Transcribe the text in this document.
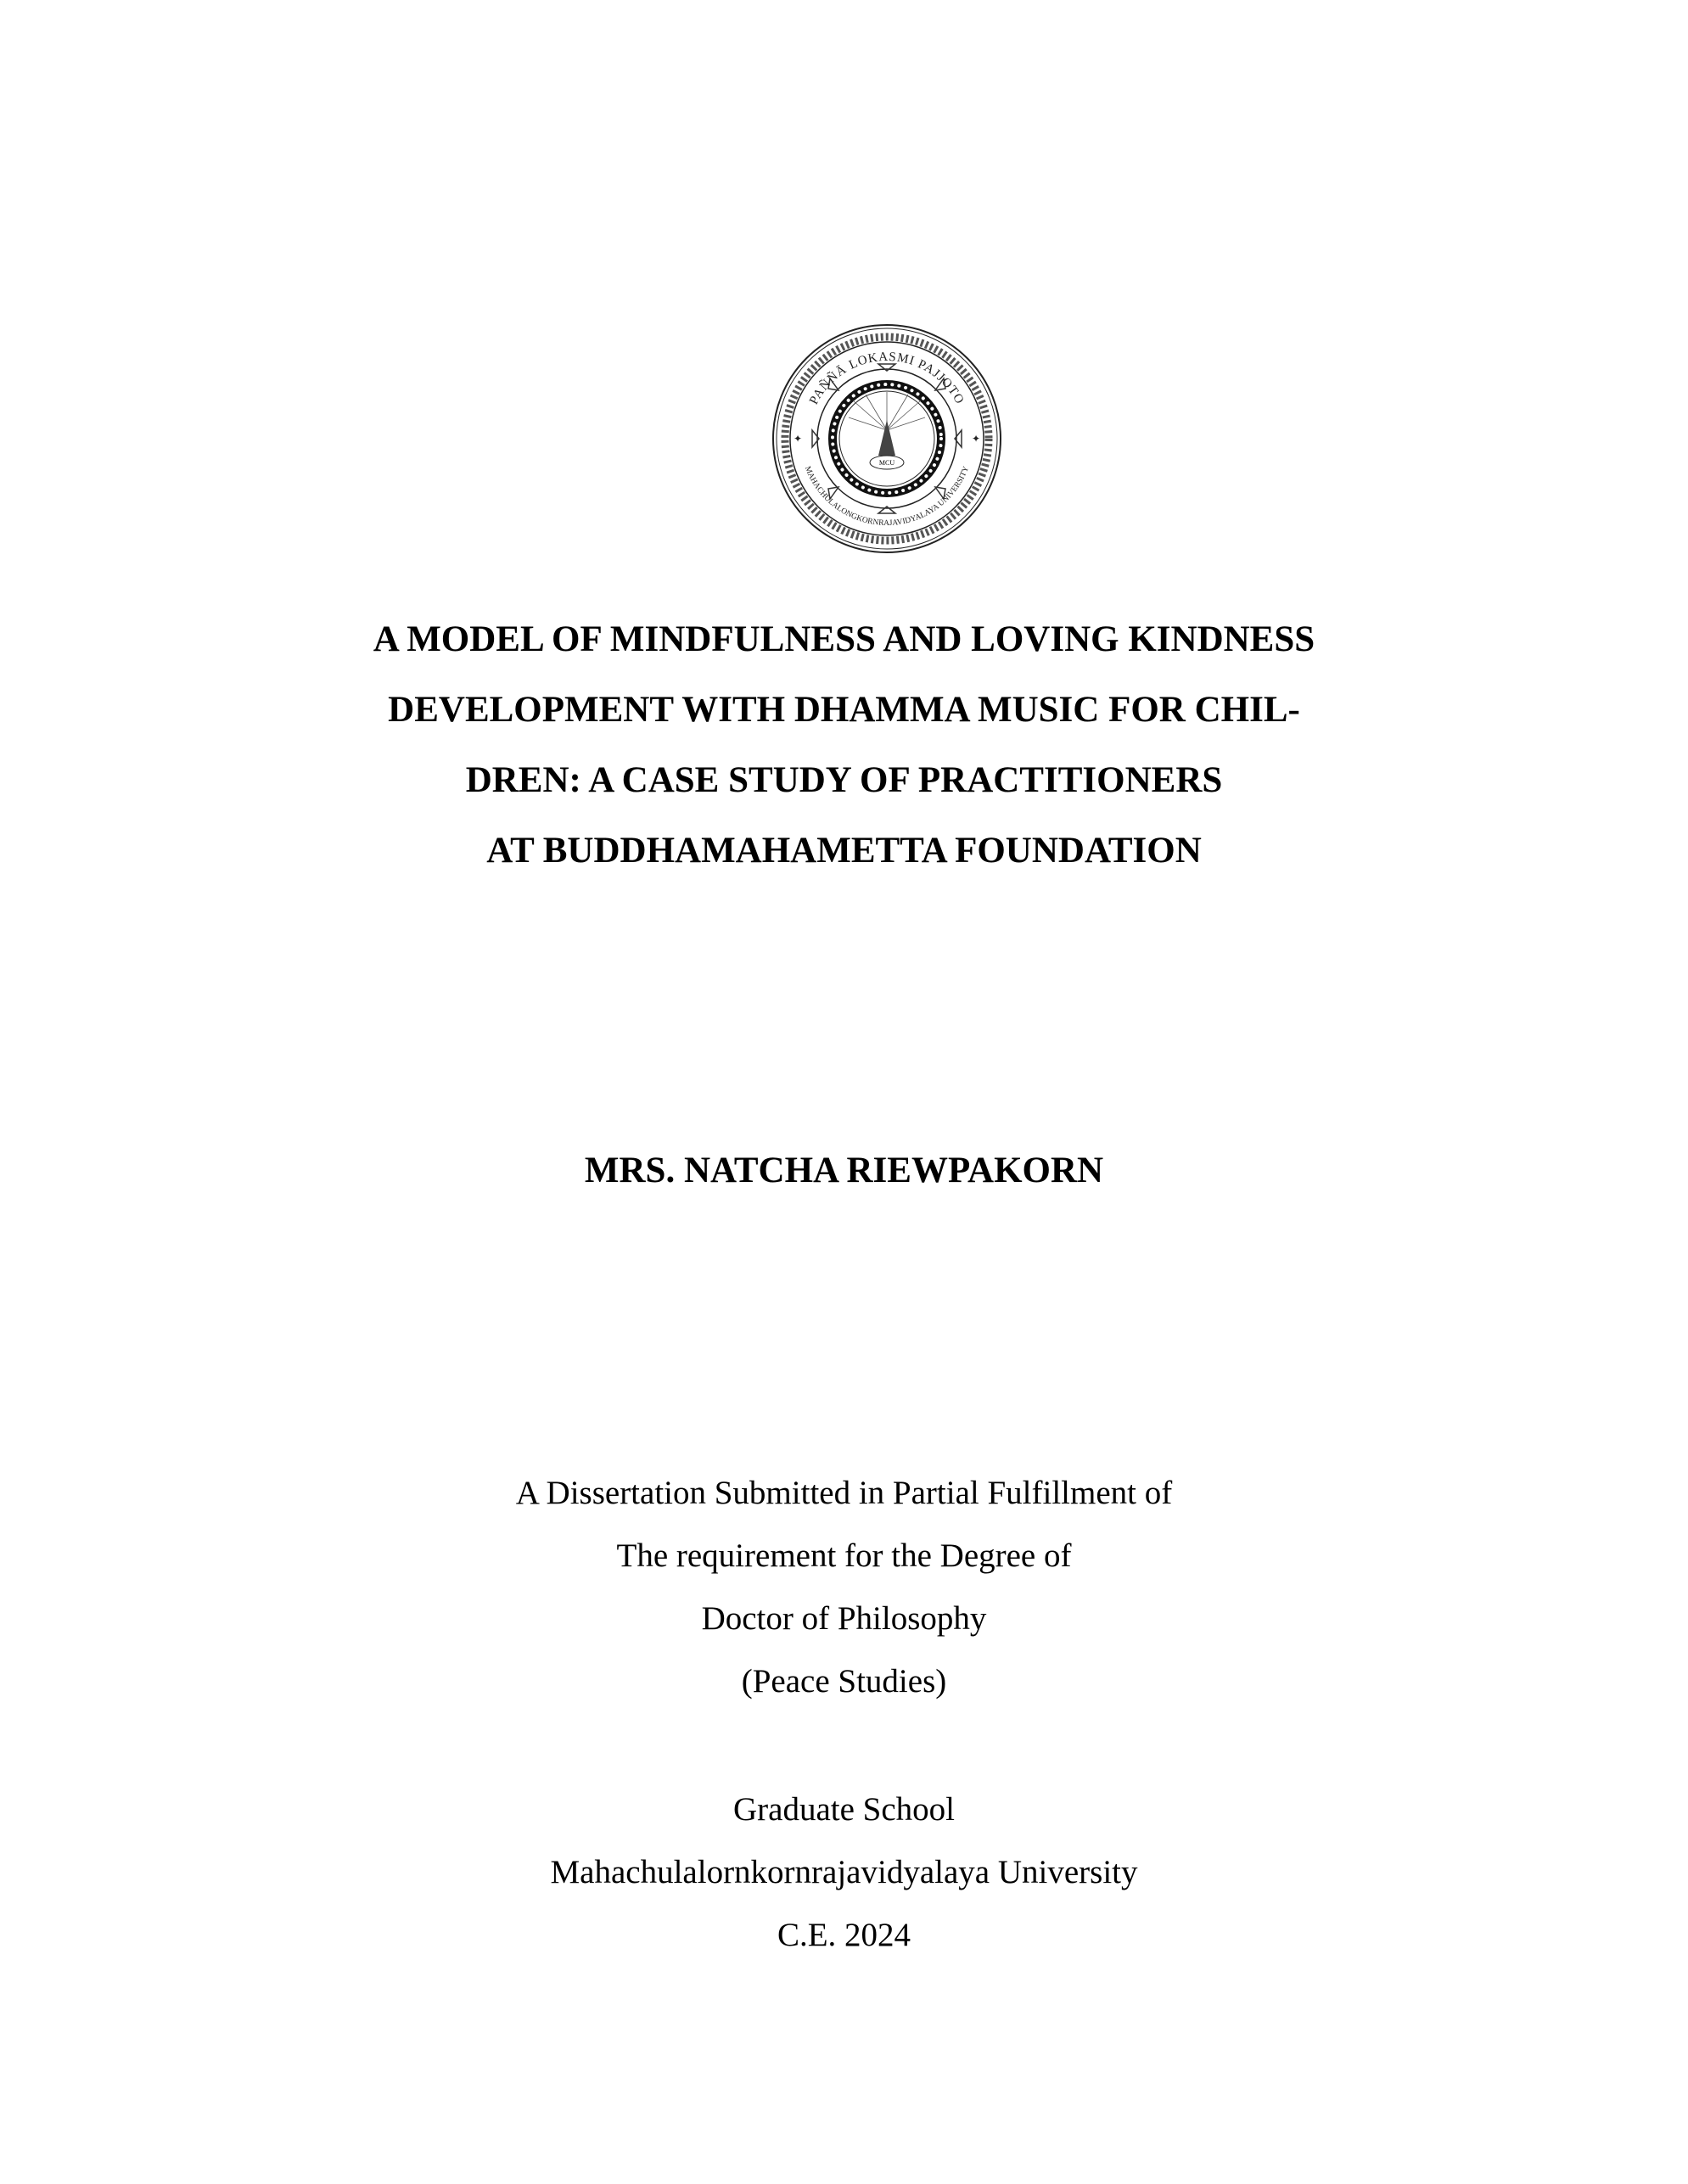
MCU
PAÑÑĀ LOKASMI PAJJOTO
MAHACHULALONGKORNRAJAVIDYALAYA UNIVERSITY
✦	✦
A MODEL OF MINDFULNESS AND LOVING KINDNESS
DEVELOPMENT WITH DHAMMA MUSIC FOR CHIL-
DREN: A CASE STUDY OF PRACTITIONERS
AT BUDDHAMAHAMETTA FOUNDATION
MRS. NATCHA RIEWPAKORN
A Dissertation Submitted in Partial Fulfillment of
The requirement for the Degree of
Doctor of Philosophy
(Peace Studies)
Graduate School
Mahachulalornkornrajavidyalaya University
C.E. 2024
